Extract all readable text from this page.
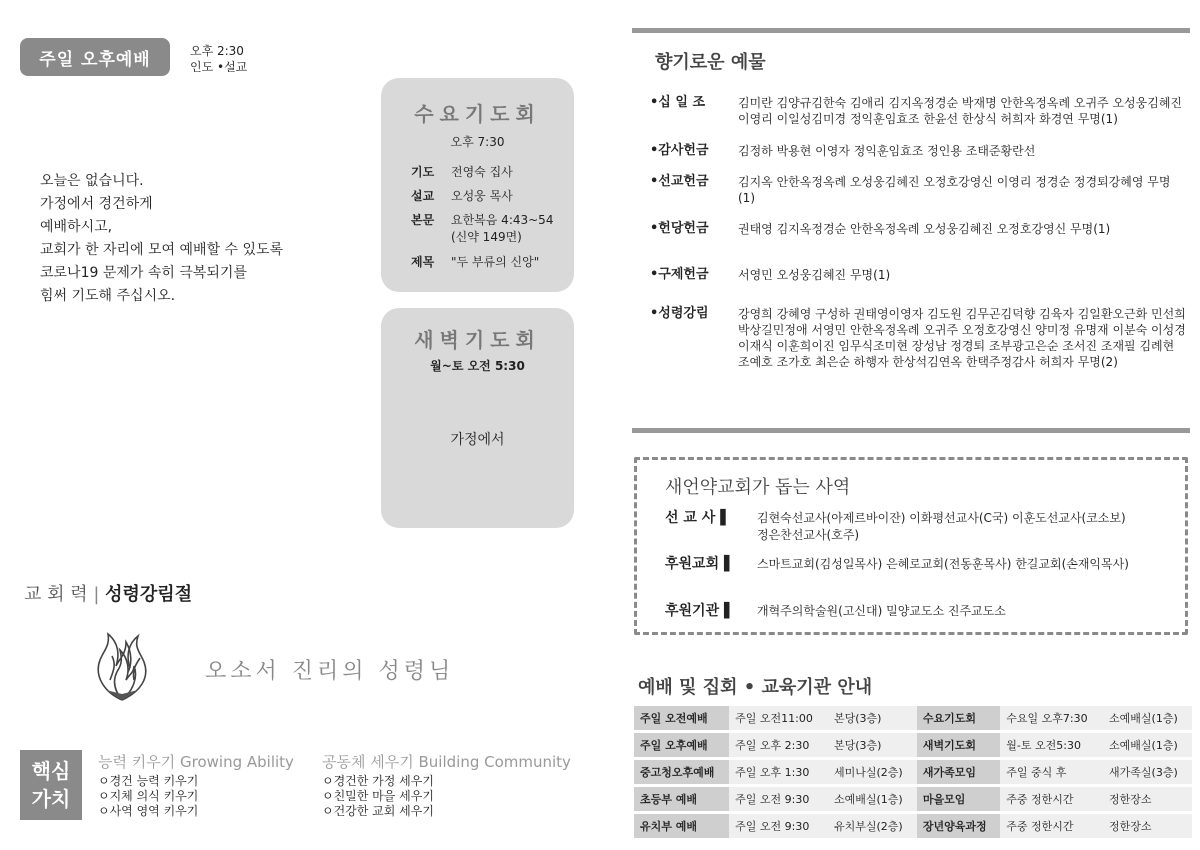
주일 오후예배	오후 2:30
인도 •설교
오늘은 없습니다.
가정에서 경건하게
예배하시고,
교회가 한 자리에 모여 예배할 수 있도록
코로나19 문제가 속히 극복되기를
힘써 기도해 주십시오.
수요기도회
오후 7:30
기도	전영숙 집사
설교	오성웅 목사
본문	요한복음 4:43~54
(신약 149면)
제목	"두 부류의 신앙"
새벽기도회
월~토 오전 5:30
가정에서
교 회 력 | 성령강림절
오소서 진리의 성령님
핵심
가치
능력 키우기 Growing Ability
ㅇ경건 능력 키우기
ㅇ지체 의식 키우기
ㅇ사역 영역 키우기
공동체 세우기 Building Community
ㅇ경건한 가정 세우기
ㅇ친밀한 마을 세우기
ㅇ건강한 교회 세우기
향기로운 예물
•십 일 조	김미란 김양규김한숙 김애리 김지옥정경순 박재명 안한옥정옥례 오귀주 오성웅김혜진 이영리 이일성김미경 정익훈임효조 한윤선 한상식 허희자 화경연 무명(1)
•감사헌금	김정하 박용현 이영자 정익훈임효조 정인용 조태준황란선
•선교헌금	김지옥 안한옥정옥례 오성웅김혜진 오정호강영신 이영리 정경순 정경퇴강혜영 무명(1)
•헌당헌금	권태영 김지옥정경순 안한옥정옥례 오성웅김혜진 오정호강영신 무명(1)
•구제헌금	서영민 오성웅김혜진 무명(1)
•성령강림	강영희 강혜영 구성하 권태영이영자 김도원 김무곤김덕향 김육자 김일환오근화 민선희 박상길민정애 서영민 안한옥정옥례 오귀주 오정호강영신 양미정 유명재 이분숙 이성경 이재식 이훈희이진 임무식조미현 장성남 정경퇴 조부광고은순 조서진 조재필 김례현 조예호 조가호 최은순 하행자 한상석김연옥 한택주정감사 허희자 무명(2)
새언약교회가 돕는 사역
선 교 사 ▌	김현숙선교사(아제르바이잔) 이화평선교사(C국) 이훈도선교사(코소보) 정은찬선교사(호주)
후원교회 ▌	스마트교회(김성일목사) 은혜로교회(전동훈목사) 한길교회(손재익목사)
후원기관 ▌	개혁주의학술원(고신대) 밀양교도소 진주교도소
예배 및 집회 • 교육기관 안내
주일 오전예배	주일 오전11:00	본당(3층)	수요기도회	수요일 오후7:30	소예배실(1층)
주일 오후예배	주일 오후 2:30	본당(3층)	새벽기도회	월-토 오전5:30	소예배실(1층)
중고청오후예배	주일 오후 1:30	세미나실(2층)	새가족모임	주일 중식 후	새가족실(3층)
초등부 예배	주일 오전 9:30	소예배실(1층)	마을모임	주중 정한시간	정한장소
유치부 예배	주일 오전 9:30	유치부실(2층)	장년양육과정	주중 정한시간	정한장소
